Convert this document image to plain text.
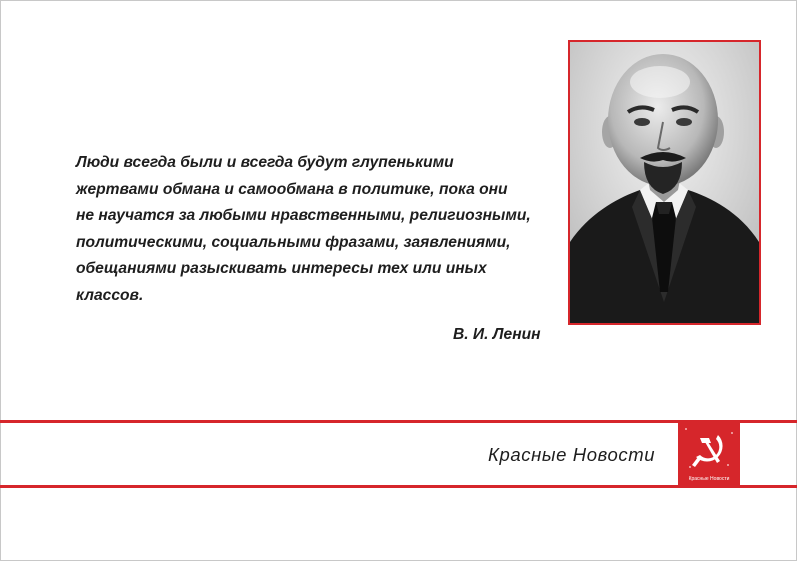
Люди всегда были и всегда будут глупенькими
жертвами обмана и самообмана в политике, пока они
не научатся за любыми нравственными, религиозными,
политическими, социальными фразами, заявлениями,
обещаниями разыскивать интересы тех или иных
классов.

В. И. Ленин
Красные Новости
Красные Новости
